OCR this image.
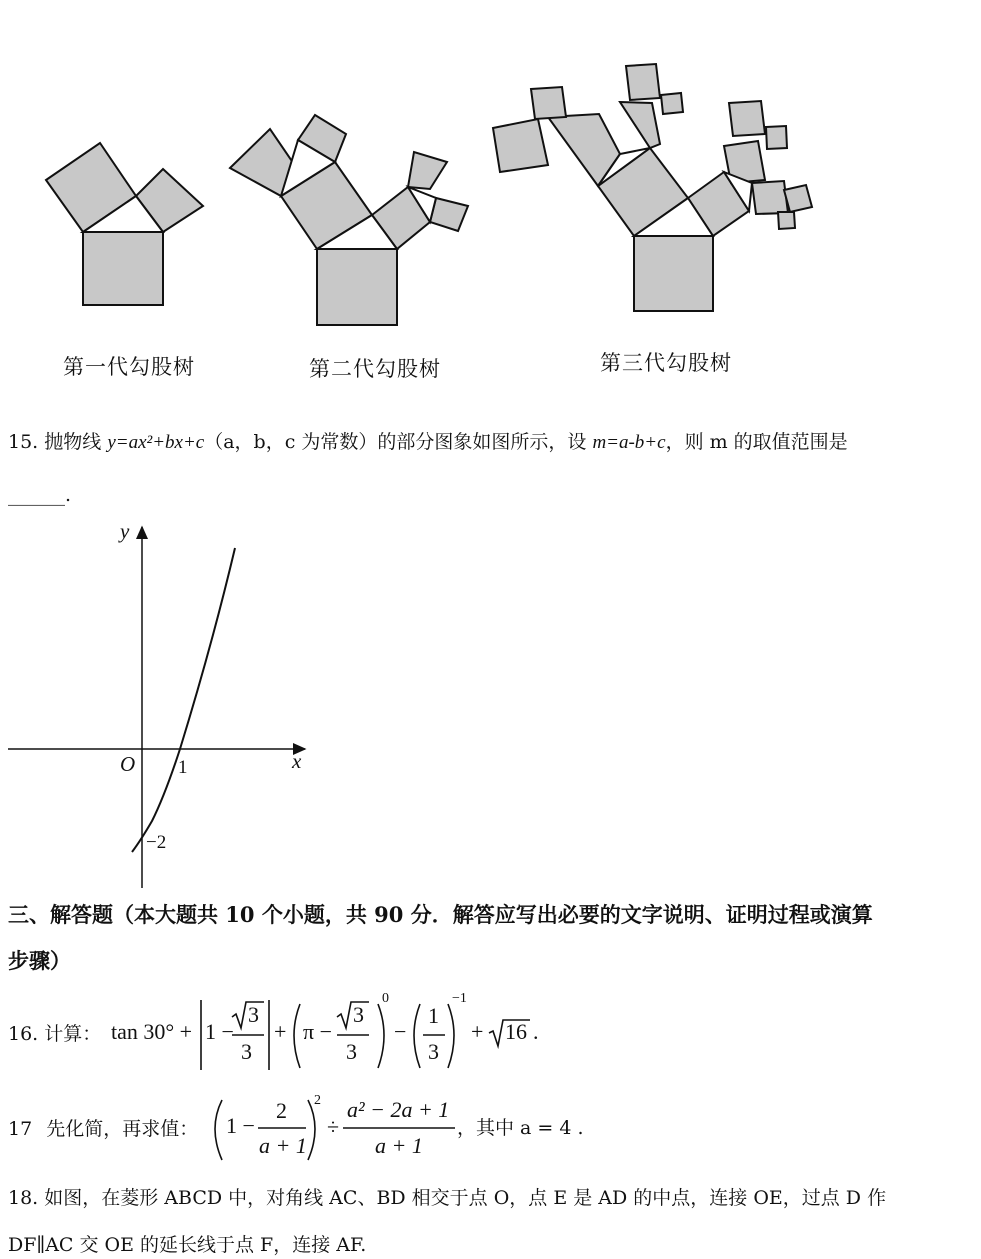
第一代勾股树	第二代勾股树	第三代勾股树
15. 抛物线 y=ax²+bx+c（a，b，c 为常数）的部分图象如图所示，设 m=a-b+c，则 m 的取值范围是
______.
y
x
O 1
−2
三、解答题（本大题共 10 个小题，共 90 分．解答应写出必要的文字说明、证明过程或演算
步骤）
16. 计算： tan 30° + 1 −
3
3
+ π −
3
3
0
−
1
3
−1
+ 16 .
17 先化简，再求值： 1 −
2
a + 1
2
÷
a² − 2a + 1
a + 1
，其中 a = 4 .
18. 如图，在菱形 ABCD 中，对角线 AC、BD 相交于点 O，点 E 是 AD 的中点，连接 OE，过点 D 作
DF∥AC 交 OE 的延长线于点 F，连接 AF.
